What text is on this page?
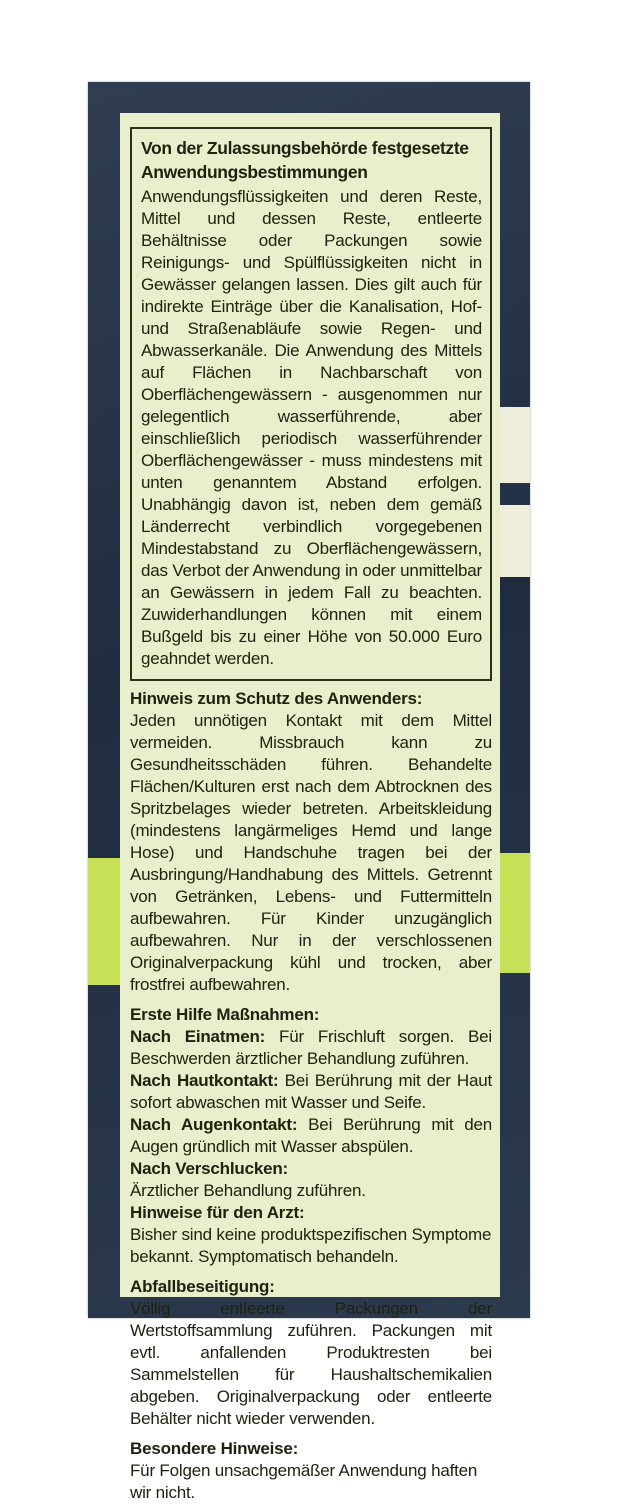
Von der Zulassungsbehörde festgesetzte Anwendungsbestimmungen
Anwendungsflüssigkeiten und deren Reste, Mittel und dessen Reste, entleerte Behältnisse oder Packungen sowie Reinigungs- und Spülflüssigkeiten nicht in Gewässer gelangen lassen. Dies gilt auch für indirekte Einträge über die Kanalisation, Hof- und Straßenabläufe sowie Regen- und Abwasserkanäle. Die Anwendung des Mittels auf Flächen in Nachbarschaft von Oberflächengewässern - ausgenommen nur gelegentlich wasserführende, aber einschließlich periodisch wasserführender Oberflächengewässer - muss mindestens mit unten genanntem Abstand erfolgen. Unabhängig davon ist, neben dem gemäß Länderrecht verbindlich vorgegebenen Mindestabstand zu Oberflächengewässern, das Verbot der Anwendung in oder unmittelbar an Gewässern in jedem Fall zu beachten. Zuwiderhandlungen können mit einem Bußgeld bis zu einer Höhe von 50.000 Euro geahndet werden.

Hinweis zum Schutz des Anwenders:

Jeden unnötigen Kontakt mit dem Mittel vermeiden. Missbrauch kann zu Gesundheitsschäden führen. Behandelte Flächen/Kulturen erst nach dem Abtrocknen des Spritzbelages wieder betreten. Arbeitskleidung (mindestens langärmeliges Hemd und lange Hose) und Handschuhe tragen bei der Ausbringung/Handhabung des Mittels. Getrennt von Getränken, Lebens- und Futtermitteln aufbewahren. Für Kinder unzugänglich aufbewahren. Nur in der verschlossenen Originalverpackung kühl und trocken, aber frostfrei aufbewahren.

Erste Hilfe Maßnahmen:

Nach Einatmen: Für Frischluft sorgen. Bei Beschwerden ärztlicher Behandlung zuführen.

Nach Hautkontakt: Bei Berührung mit der Haut sofort abwaschen mit Wasser und Seife.

Nach Augenkontakt: Bei Berührung mit den Augen gründlich mit Wasser abspülen.

Nach Verschlucken:

Ärztlicher Behandlung zuführen.

Hinweise für den Arzt:

Bisher sind keine produktspezifischen Symptome bekannt. Symptomatisch behandeln.

Abfallbeseitigung:

Völlig entleerte Packungen der Wertstoffsammlung zuführen. Packungen mit evtl. anfallenden Produktresten bei Sammelstellen für Haushaltschemikalien abgeben. Originalverpackung oder entleerte Behälter nicht wieder verwenden.

Besondere Hinweise:

Für Folgen unsachgemäßer Anwendung haften wir nicht.
